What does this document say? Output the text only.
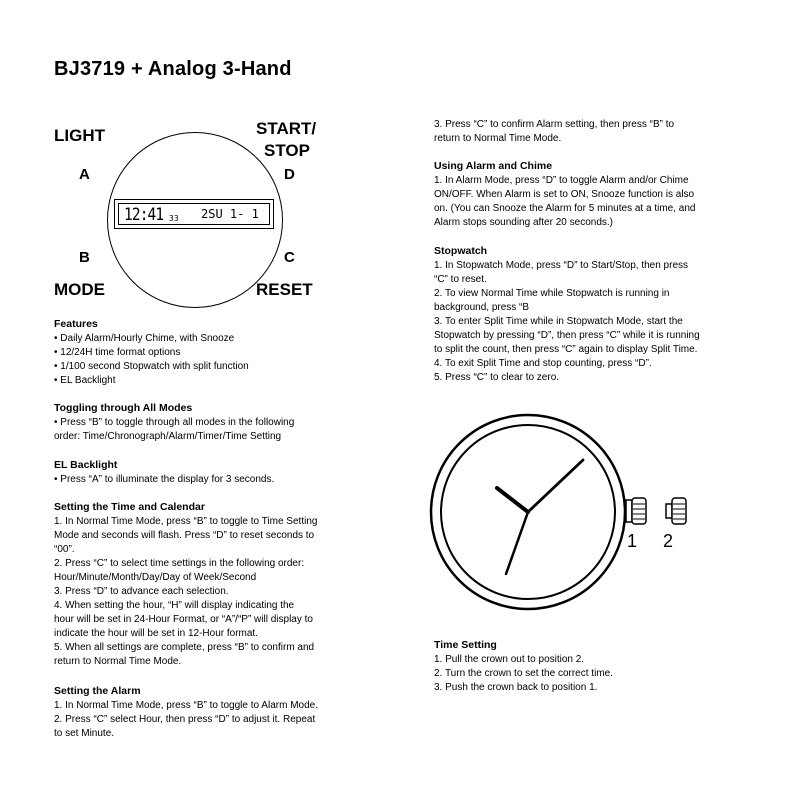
BJ3719 + Analog 3-Hand
LIGHT
A
START/
STOP
D
B
MODE
C
RESET
12:41 33 2SU 1- 1
Features

• Daily Alarm/Hourly Chime, with Snooze

• 12/24H time format options

• 1/100 second Stopwatch with split function

• EL Backlight

Toggling through All Modes

• Press “B” to toggle through all modes in the following

order: Time/Chronograph/Alarm/Timer/Time Setting

EL Backlight

• Press “A” to illuminate the display for 3 seconds.

Setting the Time and Calendar

1. In Normal Time Mode, press “B” to toggle to Time Setting

Mode and seconds will flash. Press “D” to reset seconds to

“00”.

2. Press “C” to select time settings in the following order:

Hour/Minute/Month/Day/Day of Week/Second

3. Press “D” to advance each selection.

4. When setting the hour, “H” will display indicating the

hour will be set in 24-Hour Format, or “A”/“P” will display to

indicate the hour will be set in 12-Hour format.

5. When all settings are complete, press “B” to confirm and

return to Normal Time Mode.

Setting the Alarm

1. In Normal Time Mode, press “B” to toggle to Alarm Mode.

2. Press “C” select Hour, then press “D” to adjust it. Repeat

to set Minute.

3. Press “C” to confirm Alarm setting, then press “B” to

return to Normal Time Mode.

Using Alarm and Chime

1. In Alarm Mode, press “D” to toggle Alarm and/or Chime

ON/OFF. When Alarm is set to ON, Snooze function is also

on. (You can Snooze the Alarm for 5 minutes at a time, and

Alarm stops sounding after 20 seconds.)

Stopwatch

1. In Stopwatch Mode, press “D” to Start/Stop, then press

“C” to reset.

2. To view Normal Time while Stopwatch is running in

background, press “B

3. To enter Split Time while in Stopwatch Mode, start the

Stopwatch by pressing “D”, then press “C” while it is running

to split the count, then press “C” again to display Split Time.

4. To exit Split Time and stop counting, press “D”.

5. Press “C” to clear to zero.

1 2
Time Setting

1. Pull the crown out to position 2.

2. Turn the crown to set the correct time.

3. Push the crown back to position 1.
